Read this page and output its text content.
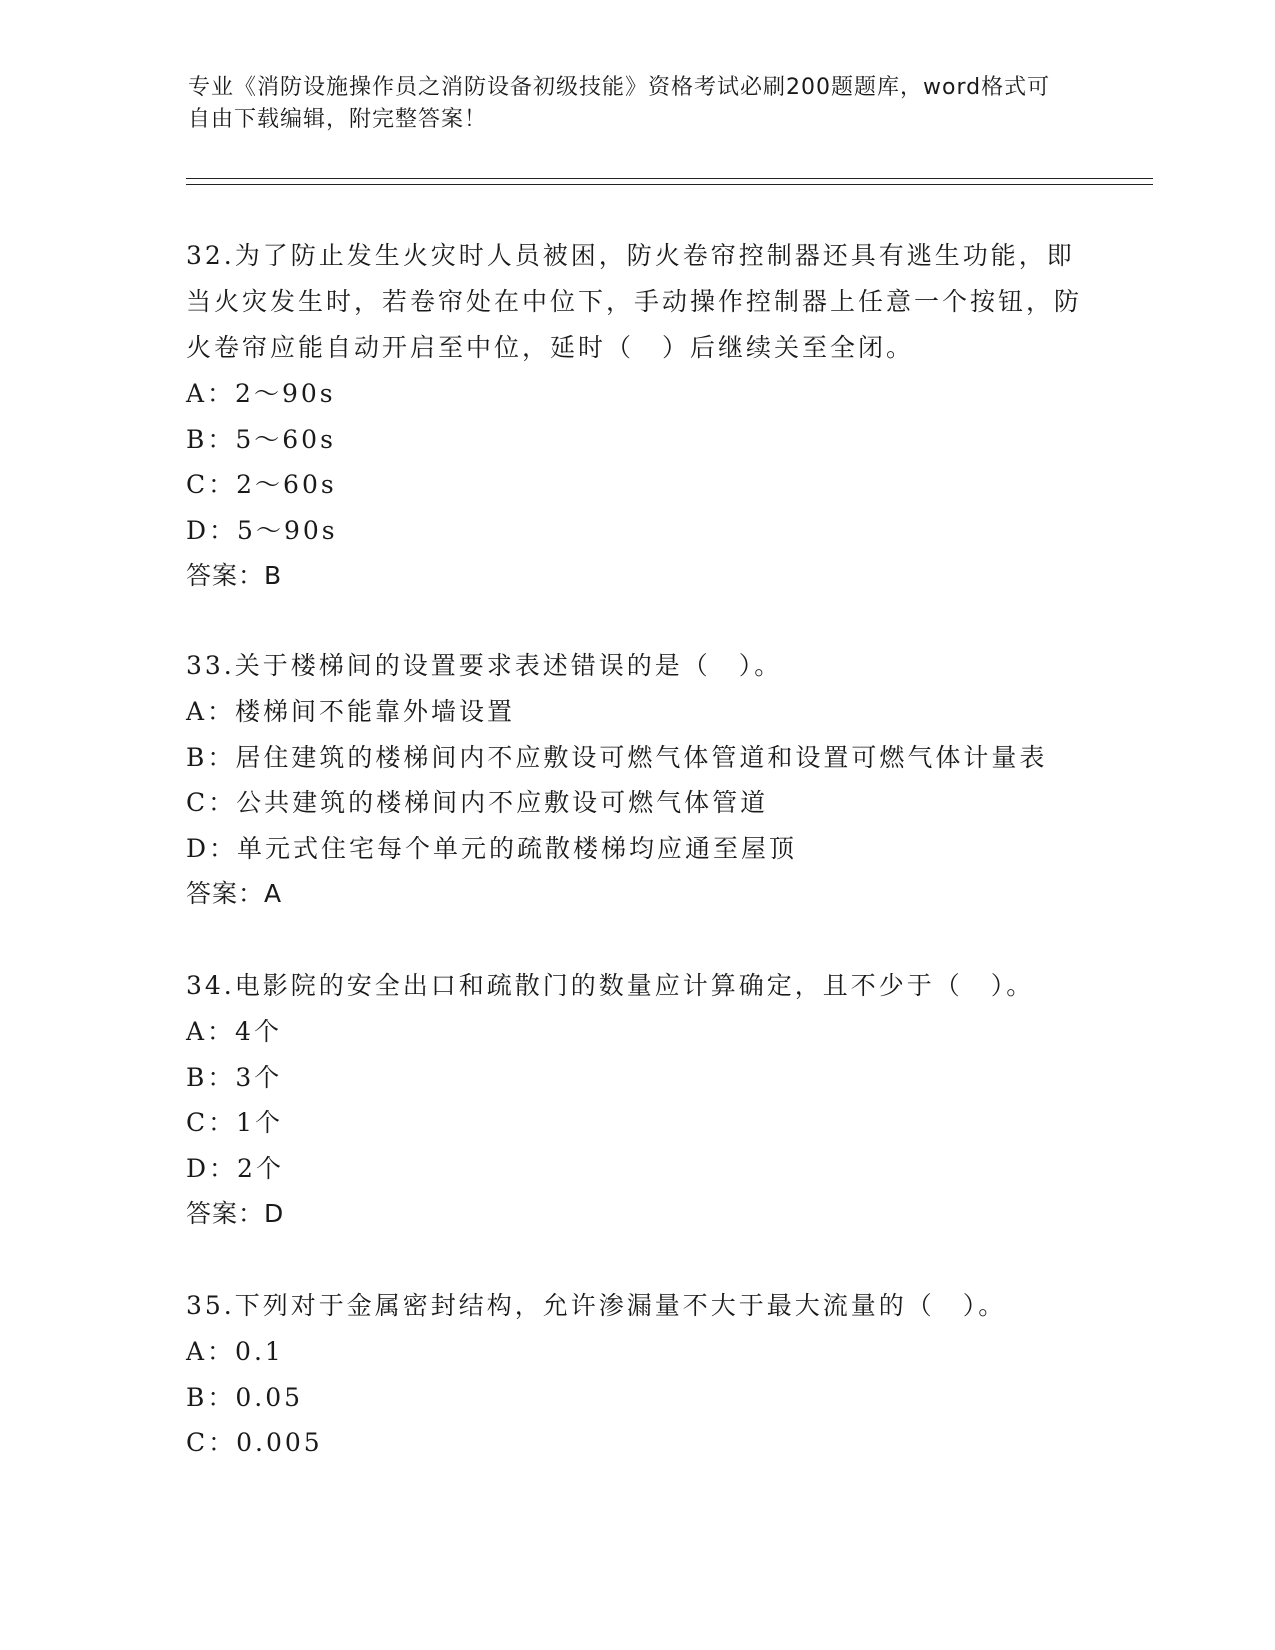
专业《消防设施操作员之消防设备初级技能》资格考试必刷200题题库，word格式可自由下载编辑，附完整答案！

32.为了防止发生火灾时人员被困，防火卷帘控制器还具有逃生功能，即当火灾发生时，若卷帘处在中位下，手动操作控制器上任意一个按钮，防火卷帘应能自动开启至中位，延时（　）后继续关至全闭。

A：2～90s
B：5～60s
C：2～60s
D：5～90s
答案：B

33.关于楼梯间的设置要求表述错误的是（　）。

A：楼梯间不能靠外墙设置
B：居住建筑的楼梯间内不应敷设可燃气体管道和设置可燃气体计量表
C：公共建筑的楼梯间内不应敷设可燃气体管道
D：单元式住宅每个单元的疏散楼梯均应通至屋顶
答案：A

34.电影院的安全出口和疏散门的数量应计算确定，且不少于（　）。

A：4个
B：3个
C：1个
D：2个
答案：D

35.下列对于金属密封结构，允许渗漏量不大于最大流量的（　）。

A：0.1
B：0.05
C：0.005
